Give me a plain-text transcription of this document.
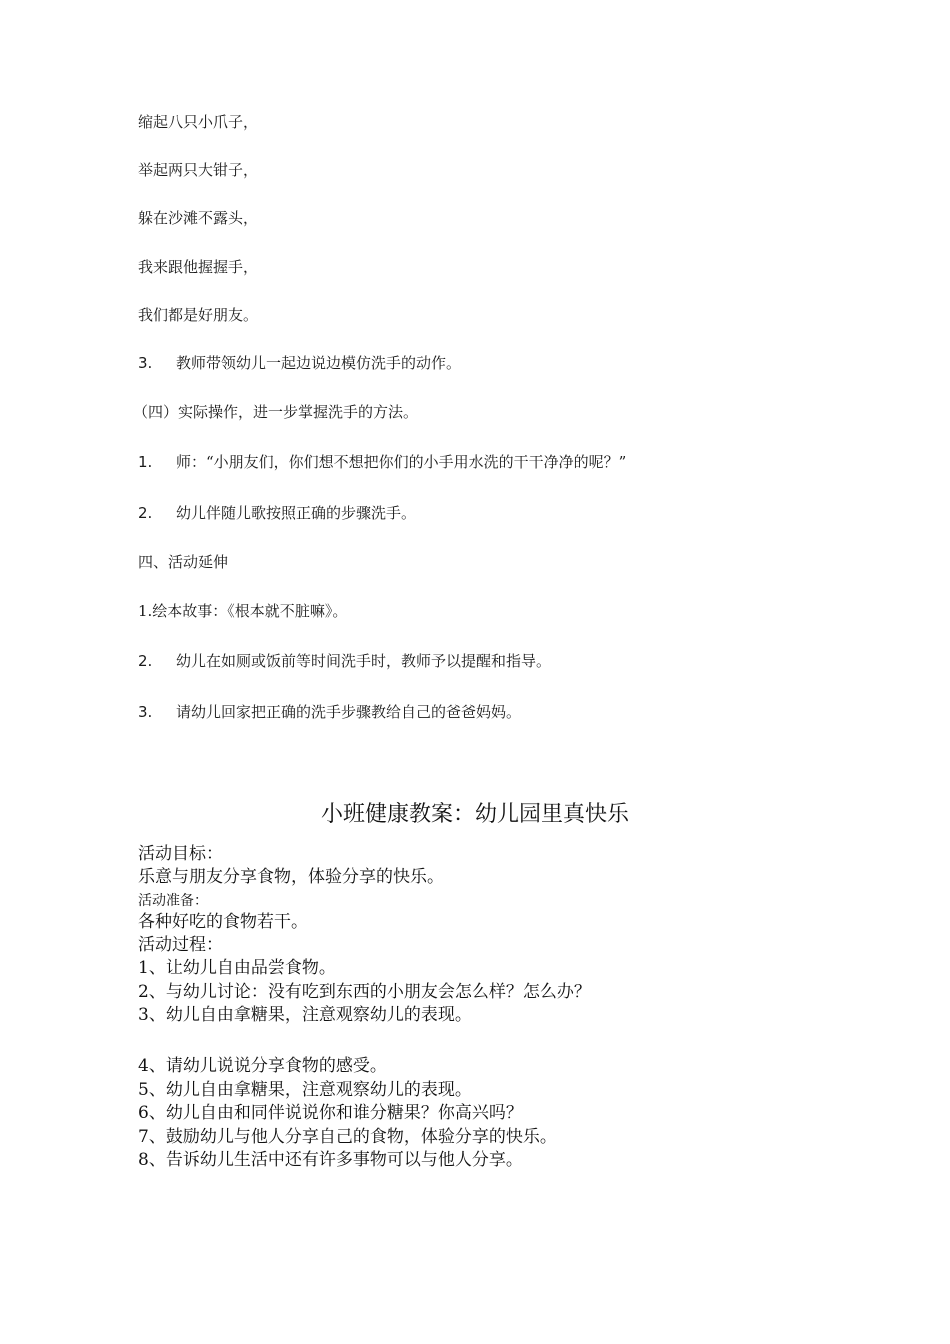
缩起八只小爪子，
举起两只大钳子，
躲在沙滩不露头，
我来跟他握握手，
我们都是好朋友。
3. 教师带领幼儿一起边说边模仿洗手的动作。
（四）实际操作，进一步掌握洗手的方法。
1. 师：“小朋友们，你们想不想把你们的小手用水洗的干干净净的呢？”
2. 幼儿伴随儿歌按照正确的步骤洗手。
四、活动延伸
1.绘本故事：《根本就不脏嘛》。
2. 幼儿在如厕或饭前等时间洗手时，教师予以提醒和指导。
3. 请幼儿回家把正确的洗手步骤教给自己的爸爸妈妈。
小班健康教案：幼儿园里真快乐
活动目标：
乐意与朋友分享食物，体验分享的快乐。
活动准备：
各种好吃的食物若干。
活动过程：
1、让幼儿自由品尝食物。
2、与幼儿讨论：没有吃到东西的小朋友会怎么样？怎么办？
3、幼儿自由拿糖果，注意观察幼儿的表现。
4、请幼儿说说分享食物的感受。
5、幼儿自由拿糖果，注意观察幼儿的表现。
6、幼儿自由和同伴说说你和谁分糖果？你高兴吗？
7、鼓励幼儿与他人分享自己的食物，体验分享的快乐。
8、告诉幼儿生活中还有许多事物可以与他人分享。
